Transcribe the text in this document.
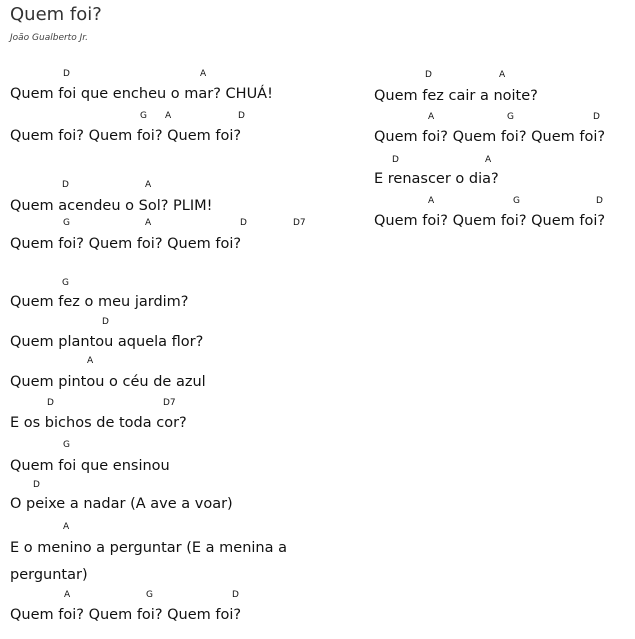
Quem foi?
João Gualberto Jr.
Quem foi que encheu o mar? CHUÁ!
D	A
Quem foi? Quem foi? Quem foi?
G A	D
Quem acendeu o Sol? PLIM!
D	A
Quem foi? Quem foi? Quem foi?
G	A	D	D7
Quem fez o meu jardim?
G
Quem plantou aquela flor?
D
Quem pintou o céu de azul
A
E os bichos de toda cor?
D	D7
Quem foi que ensinou
G
O peixe a nadar (A ave a voar)
D
E o menino a perguntar (E a menina a
A
perguntar)
Quem foi? Quem foi? Quem foi?
A	G	D
Quem fez cair a noite?
D	A
Quem foi? Quem foi? Quem foi?
A	G	D
E renascer o dia?
D	A
Quem foi? Quem foi? Quem foi?
A	G	D
